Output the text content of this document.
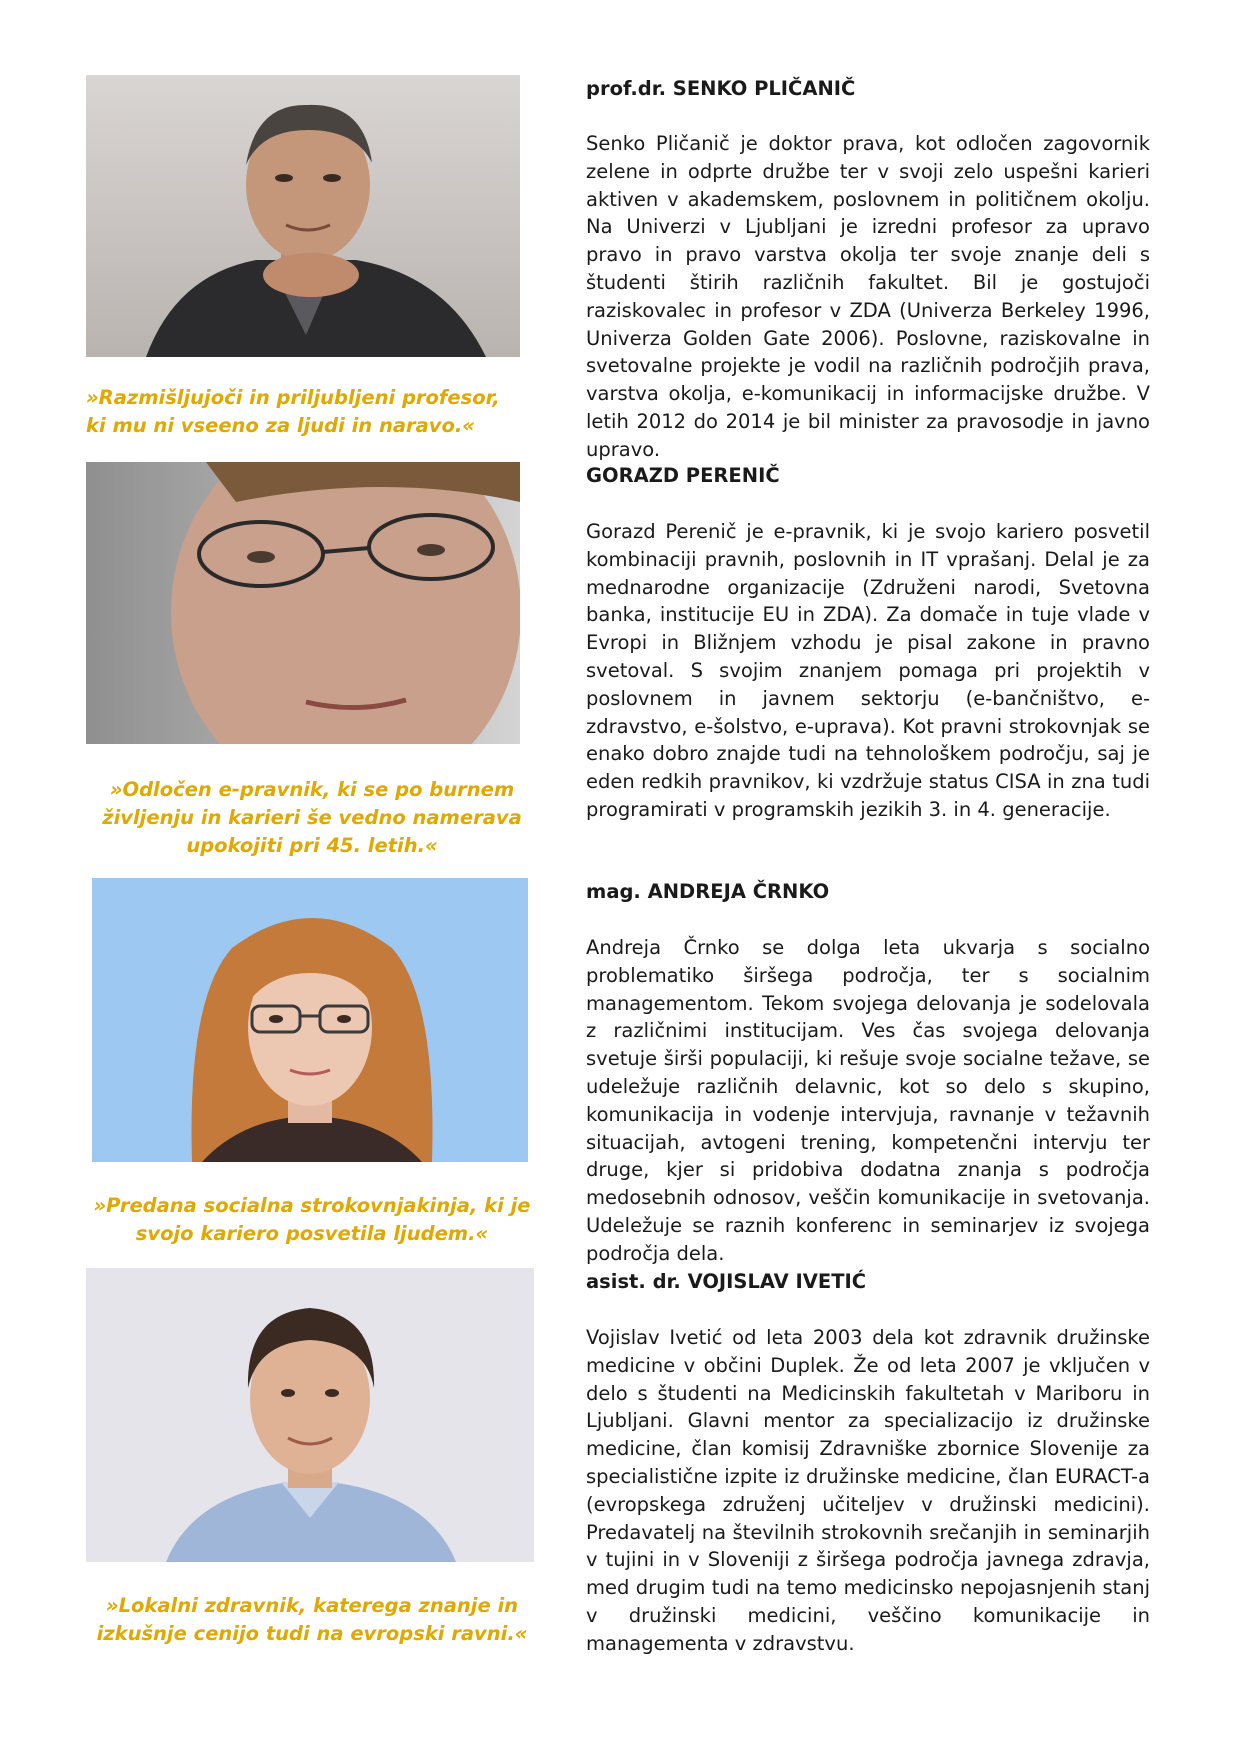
»Razmišljujoči in priljubljeni profesor, ki mu ni vseeno za ljudi in naravo.«
prof.dr. SENKO PLIČANIČ

Senko Pličanič je doktor prava, kot odločen zagovornik zelene in odprte družbe ter v svoji zelo uspešni karieri aktiven v akademskem, poslovnem in političnem okolju. Na Univerzi v Ljubljani je izredni profesor za upravo pravo in pravo varstva okolja ter svoje znanje deli s študenti štirih različnih fakultet. Bil je gostujoči raziskovalec in profesor v ZDA (Univerza Berkeley 1996, Univerza Golden Gate 2006). Poslovne, raziskovalne in svetovalne projekte je vodil na različnih področjih prava, varstva okolja, e-komunikacij in informacijske družbe. V letih 2012 do 2014 je bil minister za pravosodje in javno upravo.

»Odločen e-pravnik, ki se po burnem življenju in karieri še vedno namerava upokojiti pri 45. letih.«
GORAZD PERENIČ

Gorazd Perenič je e-pravnik, ki je svojo kariero posvetil kombinaciji pravnih, poslovnih in IT vprašanj. Delal je za mednarodne organizacije (Združeni narodi, Svetovna banka, institucije EU in ZDA). Za domače in tuje vlade v Evropi in Bližnjem vzhodu je pisal zakone in pravno svetoval. S svojim znanjem pomaga pri projektih v poslovnem in javnem sektorju (e-bančništvo, e-zdravstvo, e-šolstvo, e-uprava). Kot pravni strokovnjak se enako dobro znajde tudi na tehnološkem področju, saj je eden redkih pravnikov, ki vzdržuje status CISA in zna tudi programirati v programskih jezikih 3. in 4. generacije.

»Predana socialna strokovnjakinja, ki je svojo kariero posvetila ljudem.«
mag. ANDREJA ČRNKO

Andreja Črnko se dolga leta ukvarja s socialno problematiko širšega področja, ter s socialnim managementom. Tekom svojega delovanja je sodelovala z različnimi institucijam. Ves čas svojega delovanja svetuje širši populaciji, ki rešuje svoje socialne težave, se udeležuje različnih delavnic, kot so delo s skupino, komunikacija in vodenje intervjuja, ravnanje v težavnih situacijah, avtogeni trening, kompetenčni intervju ter druge, kjer si pridobiva dodatna znanja s področja medosebnih odnosov, veščin komunikacije in svetovanja. Udeležuje se raznih konferenc in seminarjev iz svojega področja dela.

»Lokalni zdravnik, katerega znanje in izkušnje cenijo tudi na evropski ravni.«
asist. dr. VOJISLAV IVETIĆ

Vojislav Ivetić od leta 2003 dela kot zdravnik družinske medicine v občini Duplek. Že od leta 2007 je vključen v delo s študenti na Medicinskih fakultetah v Mariboru in Ljubljani. Glavni mentor za specializacijo iz družinske medicine, član komisij Zdravniške zbornice Slovenije za specialistične izpite iz družinske medicine, član EURACT-a (evropskega združenj učiteljev v družinski medicini). Predavatelj na številnih strokovnih srečanjih in seminarjih v tujini in v Sloveniji z širšega področja javnega zdravja, med drugim tudi na temo medicinsko nepojasnjenih stanj v družinski medicini, veščino komunikacije in managementa v zdravstvu.
